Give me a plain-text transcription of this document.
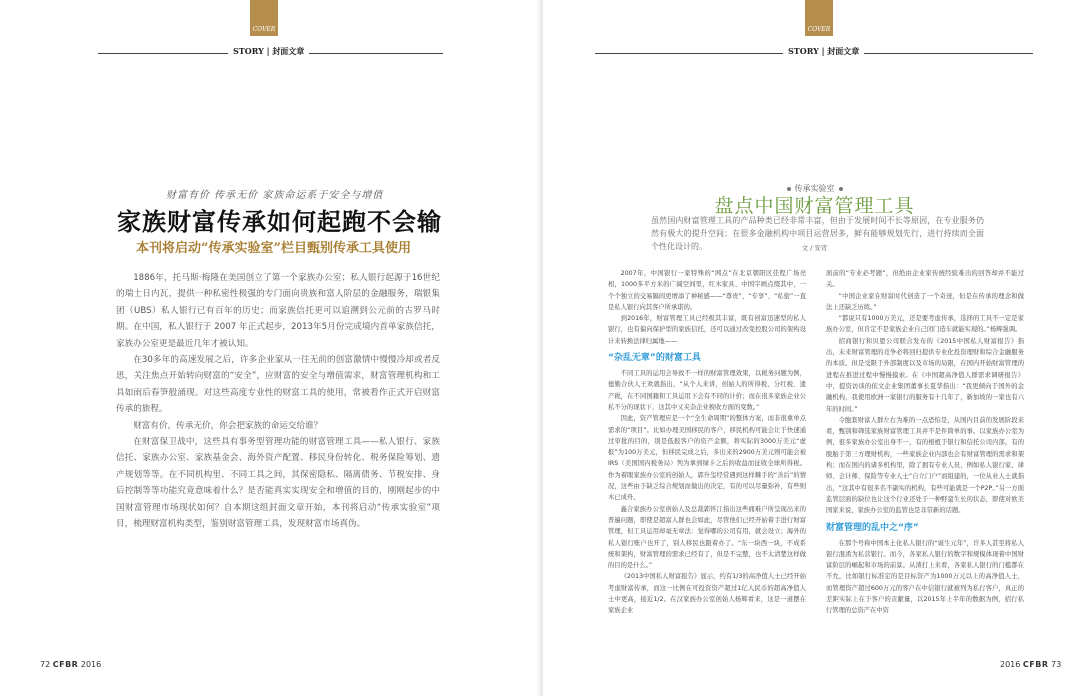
COVER
STORY | 封面文章
财富有价 传承无价 家族命运系于安全与增值
家族财富传承如何起跑不会输
本刊将启动“传承实验室”栏目甄别传承工具使用

1886年，托马斯·梅隆在美国创立了第一个家族办公室；私人银行起源于16世纪的瑞士日内瓦，提供一种私密性极强的专门面向贵族和富人阶层的金融服务，瑞银集团（UBS）私人银行已有百年的历史；而家族信托更可以追溯到公元前的古罗马时期。在中国，私人银行于 2007 年正式起步，2013年5月份完成境内首单家族信托，家族办公室更是最近几年才被认知。

在30多年的高速发展之后，许多企业家从一往无前的创富激情中慢慢冷却或者反思，关注焦点开始转向财富的“安全”，应财富的安全与增值需求，财富管理机构和工具如雨后春笋般涌现。对这些高度专业性的财富工具的使用，常被看作正式开启财富传承的旅程。

财富有价，传承无价，你会把家族的命运交给谁？

在财富保卫战中，这些具有事务型管理功能的财富管理工具——私人银行、家族信托、家族办公室、家族基金会、海外资产配置、移民身份转化、税务保险筹划、遗产规划等等。在不同机构里、不同工具之间，其保密隐私、隔离债务、节税安排、身后控制等等功能究竟意味着什么？是否能真实实现安全和增值的目的，刚刚起步的中国财富管理市场现状如何？自本期这组封面文章开始，本刊将启动“传承实验室”项目，梳理财富机构类型，鉴别财富管理工具，发现财富市场真伪。

72 CFBR 2016
COVER
STORY | 封面文章
传承实验室
盘点中国财富管理工具
虽然国内财富管理工具的产品种类已经非常丰富，但由于发展时间不长等原因，在专业服务仍然有极大的提升空间；在很多金融机构中项目运营居多，鲜有能够规划先行，进行持续而全面个性化设计的。	文 / 安宵

2007年，中国银行一家特殊的“网点”在北京朝阳区佳程广场亮相，1000多平方米的广阔空间里，红木家具、中国字画点缀其中，一个个独立的交易隔间更增添了神秘感——“尊贵”、“专享”、“私密”一直是私人银行向其客户所承诺的。

到2016年，财富管理工具已经极其丰富，既有创富迅速型的私人银行，也有偏向保护型的家族信托，还可以通过改变控股公司的架构设计来转换法律归属地——

“杂乱无章”的财富工具

不同工具的运用会导致不一样的财富管理效果，以税务问题为例，德勤合伙人王欢就指出，“从个人来讲，创始人的所得税、分红税、遗产税，在不同国籍和工具运用下会有不同的计价；而在很多家族企业公私不分的现状下，这其中又夹杂企业税收方面的变数。”

因此，资产管理应是一个“全生命周期”的整体方案，而非很重单点需求的“项目”。比如办理美国移民的客户，移民机构可能会让于快速通过审批的目的，别是低报客户的资产金额，将实际的3000万美元“虚报”为100万美元，但移民完成之后，多出来的2900万美元则可能会被IRS（美国国内税务局）列为拿到绿卡之后的收益而征收全球所得税。作为着眼家族办公室的创始人，郭升玺经常遇到这样棘手的“善后”的情况，这些由于缺乏综合规划而做出的决定，有的可以尽量弥补，有些则木已成舟。

鑫合家族办公室创始人及总裁郭怀江指出这些痛难户所呈现出来的普遍问题，即使是超富人群也会如此，尽管他们已经开始着手进行财富管理，但工具运用却毫无章法：觉得哪的公司有用，就会设立；海外的私人银行账户也开了，别人移民也跟着办了。“东一块西一块，不成系统和架构，财富管理的需求已经有了，但是不完整，也不太清楚这样做的目的是什么。”

《2013中国私人财富报告》显示，约有1/3的高净值人士已经开始考虑财富传承，而这一比例在可投资资产超过1亿人民币的超高净值人士中更高，接近1/2。在汉家族办公室创始人杨辉看来，这是一道摆在家族企业

面前的“专业必考题”，但绝由企业家传统经验难出的回答却并不能过关。

“中国企业家在财富时代创造了一个奇迹，但是在传承的理念和做法上还缺乏历练。”

“都说只有1000万美元，还是要考虑传承，选择的工具不一定是家族办公室，但肯定不是家族企业自己闭门造车就能实现的。”杨辉强调。

招商银行和贝恩公司联合发布的《2015中国私人财富报告》指出，未来财富管理的竞争必将回归提供专业化投资理财和综合金融服务的本质。但是受限于外部制度以及市场的局限，在国内开始财富管理的进程在推进过程中慢慢摸索。在《中国超高净值人群需求调研报告》中，提资访谈的依文企业集团董事长夏华指出：“我更倾向于国外的金融机构，我使用欧洲一家银行的服务有十几年了，新加坡的一家也有六年的时间。”

令胞套财富人群左右为难的一点恐怕是，从国内目前的发展阶段来看，甄别和筛选家族财富管理工具并不是件简单的事。以家族办公室为例，很多家族办公室出身不一，有的根植于银行和信托公司内部，有的脱胎于第三方理财机构，一些家族企业内部也会有财富管理的需求和架构；而在国内的诸多机构里，除了拥有专业人员，例如私人银行家、律师、会计师、保险等专业人士“自立门户”而组建的，一位从业人士就指出，“这其中有很多名不副实的机构，有些可能就是一个P2P。”另一方面监管层面的缺位也让这个行业还处于一种野蛮生长的状态，即使对欧美国家来说，家族办公室的监管也是非常新的话题。

财富管理的乱中之“序”

在那个号称中国本土化私人银行的“诞生元年”，许多人甚至将私人银行混淆为私营银行。而今，各家私人银行的数字和规模体现着中国财富阶层的崛起和市场的前景。从渣打上来看，各家私人银行的门槛都在不允，比如银行标准定的是目标资产为1000万元以上的高净值人士，而管理资产超过600万元的客户在中信银行就被列为私行客户，真正的差距实际上在于客户的贡献量，以2015年上半年的数据为例，招行私行管理的总资产在中资

2016 CFBR 73
